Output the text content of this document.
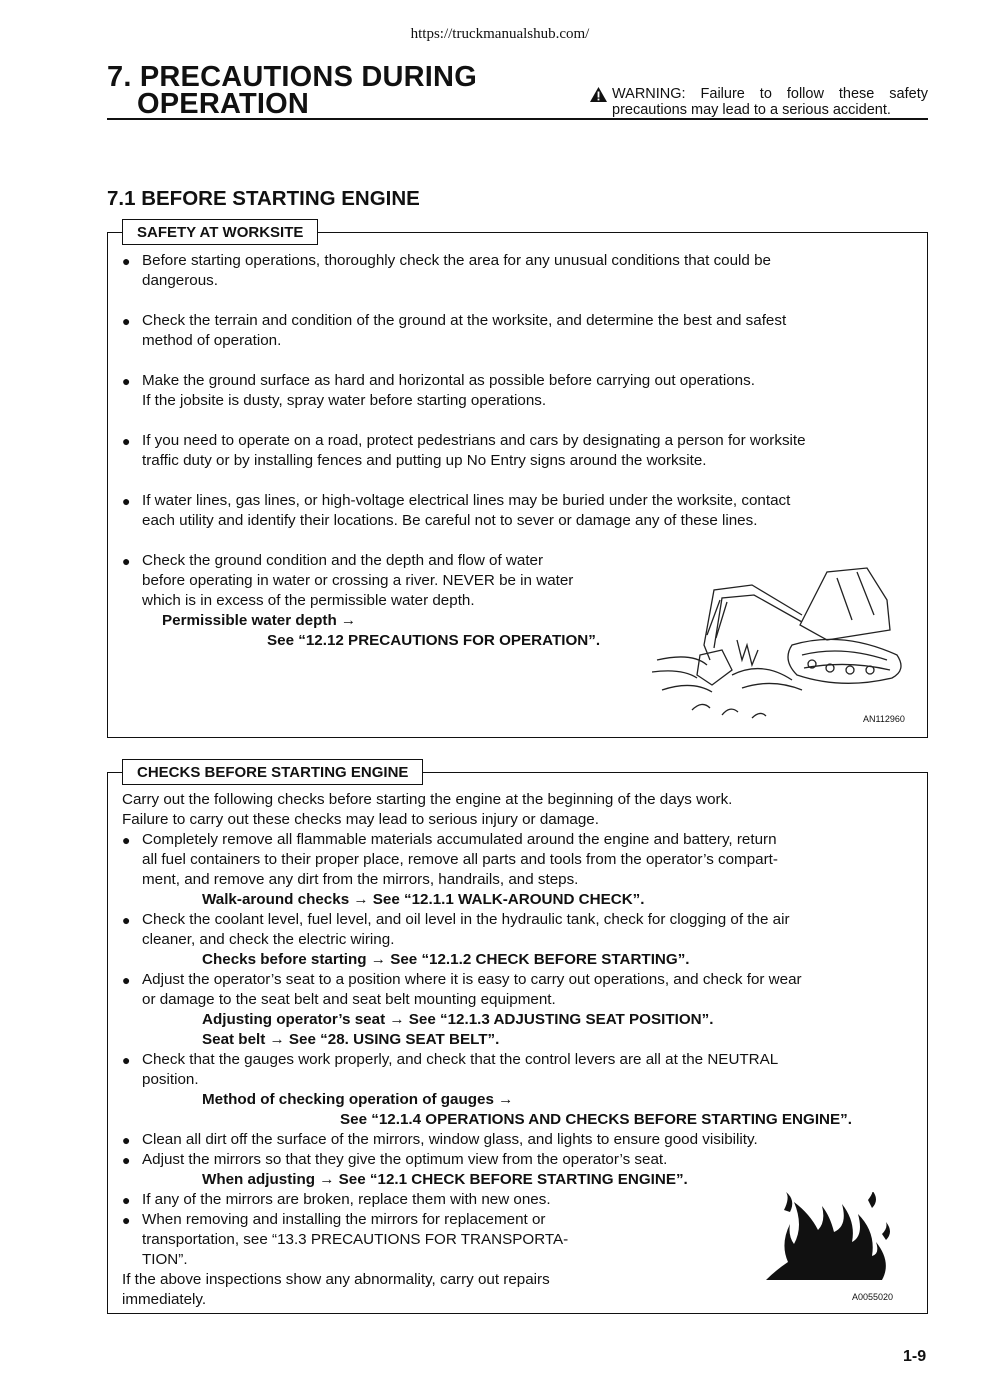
https://truckmanualshub.com/
7. PRECAUTIONS DURING
OPERATION	WARNING: Failure to follow these safety
precautions may lead to a serious accident.
7.1 BEFORE STARTING ENGINE
SAFETY AT WORKSITE
● Before starting operations, thoroughly check the area for any unusual conditions that could be
dangerous.
● Check the terrain and condition of the ground at the worksite, and determine the best and safest
method of operation.
● Make the ground surface as hard and horizontal as possible before carrying out operations.
If the jobsite is dusty, spray water before starting operations.
● If you need to operate on a road, protect pedestrians and cars by designating a person for worksite
traffic duty or by installing fences and putting up No Entry signs around the worksite.
● If water lines, gas lines, or high-voltage electrical lines may be buried under the worksite, contact
each utility and identify their locations. Be careful not to sever or damage any of these lines.
● Check the ground condition and the depth and flow of water
before operating in water or crossing a river. NEVER be in water
which is in excess of the permissible water depth.
Permissible water depth →
See “12.12 PRECAUTIONS FOR OPERATION”.
AN112960
CHECKS BEFORE STARTING ENGINE
Carry out the following checks before starting the engine at the beginning of the days work.
Failure to carry out these checks may lead to serious injury or damage.
● Completely remove all flammable materials accumulated around the engine and battery, return
all fuel containers to their proper place, remove all parts and tools from the operator’s compart-
ment, and remove any dirt from the mirrors, handrails, and steps.
Walk-around checks → See “12.1.1 WALK-AROUND CHECK”.
● Check the coolant level, fuel level, and oil level in the hydraulic tank, check for clogging of the air
cleaner, and check the electric wiring.
Checks before starting → See “12.1.2 CHECK BEFORE STARTING”.
● Adjust the operator’s seat to a position where it is easy to carry out operations, and check for wear
or damage to the seat belt and seat belt mounting equipment.
Adjusting operator’s seat → See “12.1.3 ADJUSTING SEAT POSITION”.
Seat belt → See “28. USING SEAT BELT”.
● Check that the gauges work properly, and check that the control levers are all at the NEUTRAL
position.
Method of checking operation of gauges →
See “12.1.4 OPERATIONS AND CHECKS BEFORE STARTING ENGINE”.
● Clean all dirt off the surface of the mirrors, window glass, and lights to ensure good visibility.
● Adjust the mirrors so that they give the optimum view from the operator’s seat.
When adjusting → See “12.1 CHECK BEFORE STARTING ENGINE”.
● If any of the mirrors are broken, replace them with new ones.
● When removing and installing the mirrors for replacement or
transportation, see “13.3 PRECAUTIONS FOR TRANSPORTA-
TION”.
If the above inspections show any abnormality, carry out repairs
immediately.	A0055020
1-9
